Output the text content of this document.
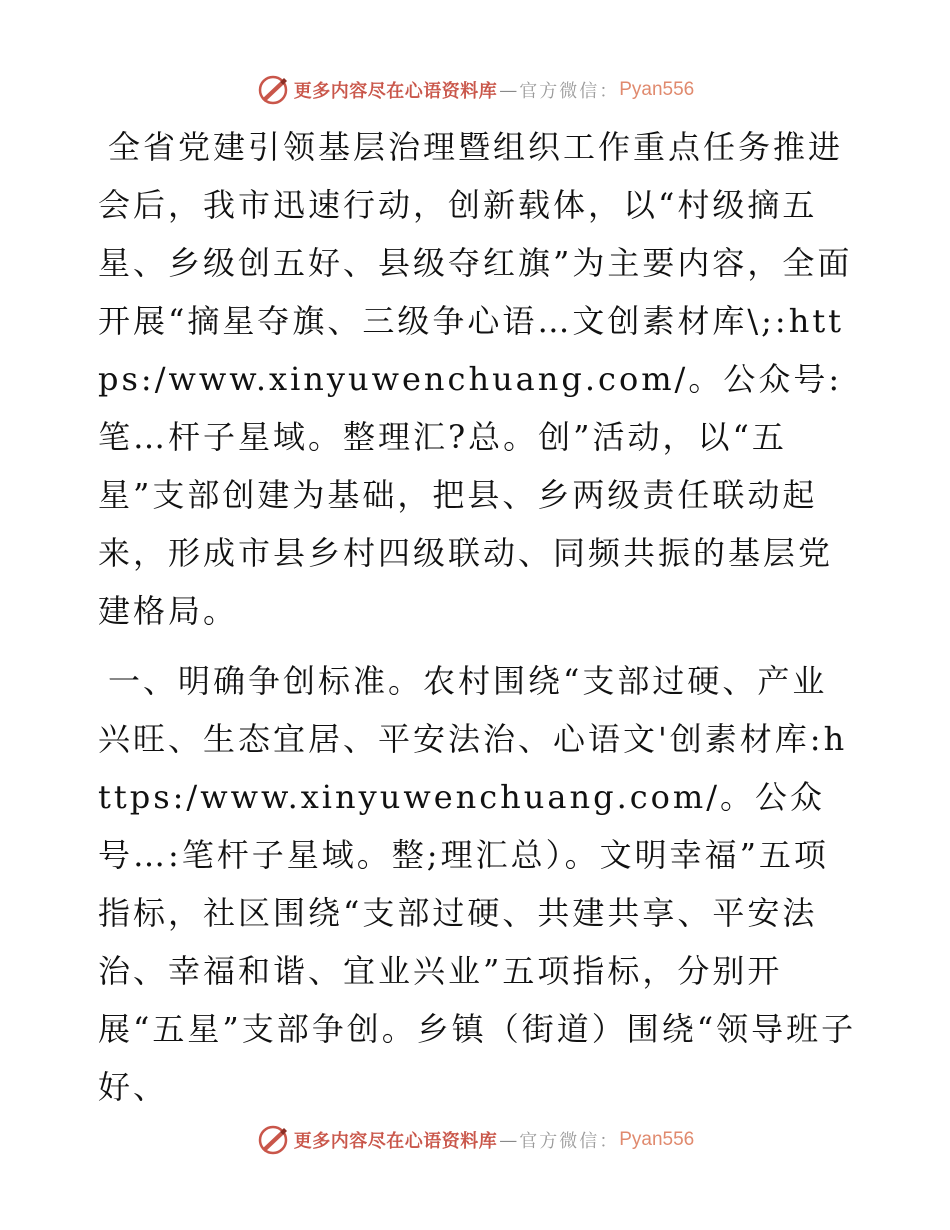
更多内容尽在心语资料库 — 官方微信： Pyan556

全省党建引领基层治理暨组织工作重点任务推进会后，我市迅速行动，创新载体，以“村级摘五星、乡级创五好、县级夺红旗”为主要内容，全面开展“摘星夺旗、三级争心语…文创素材库\;:https:/www.xinyuwenchuang.com/。公众号:笔…杆子星域。整理汇?总。创”活动，以“五星”支部创建为基础，把县、乡两级责任联动起来，形成市县乡村四级联动、同频共振的基层党建格局。

一、明确争创标准。农村围绕“支部过硬、产业兴旺、生态宜居、平安法治、心语文'创素材库:https:/www.xinyuwenchuang.com/。公众号…:笔杆子星域。整;理汇总）。文明幸福”五项指标，社区围绕“支部过硬、共建共享、平安法治、幸福和谐、宜业兴业”五项指标，分别开展“五星”支部争创。乡镇（街道）围绕“领导班子好、

更多内容尽在心语资料库 — 官方微信： Pyan556
